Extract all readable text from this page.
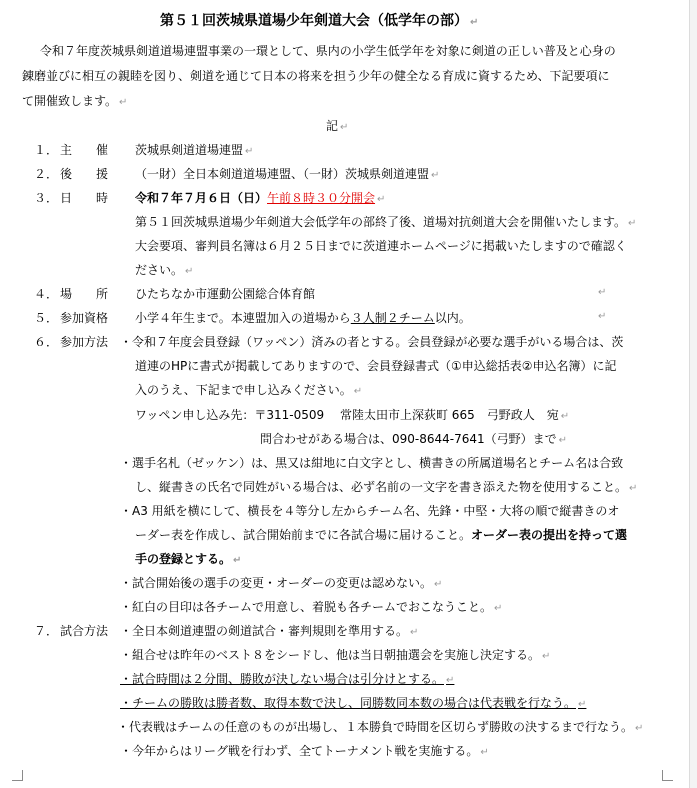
第５１回茨城県道場少年剣道大会（低学年の部） ↵
令和７年度茨城県剣道道場連盟事業の一環として、県内の小学生低学年を対象に剣道の正しい普及と心身の
錬磨並びに相互の親睦を図り、剣道を通じて日本の将来を担う少年の健全なる育成に資するため、下記要項に
て開催致します。 ↵
記 ↵
１． 主　　催 茨城県剣道道場連盟 ↵
２． 後　　援 （一財）全日本剣道道場連盟、（一財）茨城県剣道連盟 ↵
３． 日　　時 令和７年７月６日（日）午前８時３０分開会 ↵
第５１回茨城県道場少年剣道大会低学年の部終了後、道場対抗剣道大会を開催いたします。 ↵
大会要項、審判員名簿は６月２５日までに茨道連ホームページに掲載いたしますので確認く
ださい。 ↵
４． 場　　所 ひたちなか市運動公園総合体育館	↵
５． 参加資格 小学４年生まで。本連盟加入の道場から３人制２チーム以内。	↵
６． 参加方法 ・令和７年度会員登録（ワッペン）済みの者とする。会員登録が必要な選手がいる場合は、茨
道連のHPに書式が掲載してありますので、会員登録書式（①申込総括表②申込名簿）に記
入のうえ、下記まで申し込みください。 ↵
ワッペン申し込み先：〒311-0509　 常陸太田市上深荻町 665　弓野政人　宛 ↵
問合わせがある場合は、090-8644-7641（弓野）まで ↵
・選手名札（ゼッケン）は、黒又は紺地に白文字とし、横書きの所属道場名とチーム名は合致
し、縦書きの氏名で同姓がいる場合は、必ず名前の一文字を書き添えた物を使用すること。 ↵
・A3 用紙を横にして、横長を４等分し左からチーム名、先鋒・中堅・大将の順で縦書きのオ
ーダー表を作成し、試合開始前までに各試合場に届けること。オーダー表の提出を持って選
手の登録とする。 ↵
・試合開始後の選手の変更・オーダーの変更は認めない。 ↵
・紅白の目印は各チームで用意し、着脱も各チームでおこなうこと。 ↵
７． 試合方法 ・全日本剣道連盟の剣道試合・審判規則を準用する。 ↵
・組合せは昨年のベスト８をシードし、他は当日朝抽選会を実施し決定する。 ↵
・試合時間は２分間、勝敗が決しない場合は引分けとする。 ↵
・チームの勝敗は勝者数、取得本数で決し、同勝数同本数の場合は代表戦を行なう。 ↵
・代表戦はチームの任意のものが出場し、１本勝負で時間を区切らず勝敗の決するまで行なう。 ↵
・今年からはリーグ戦を行わず、全てトーナメント戦を実施する。 ↵
